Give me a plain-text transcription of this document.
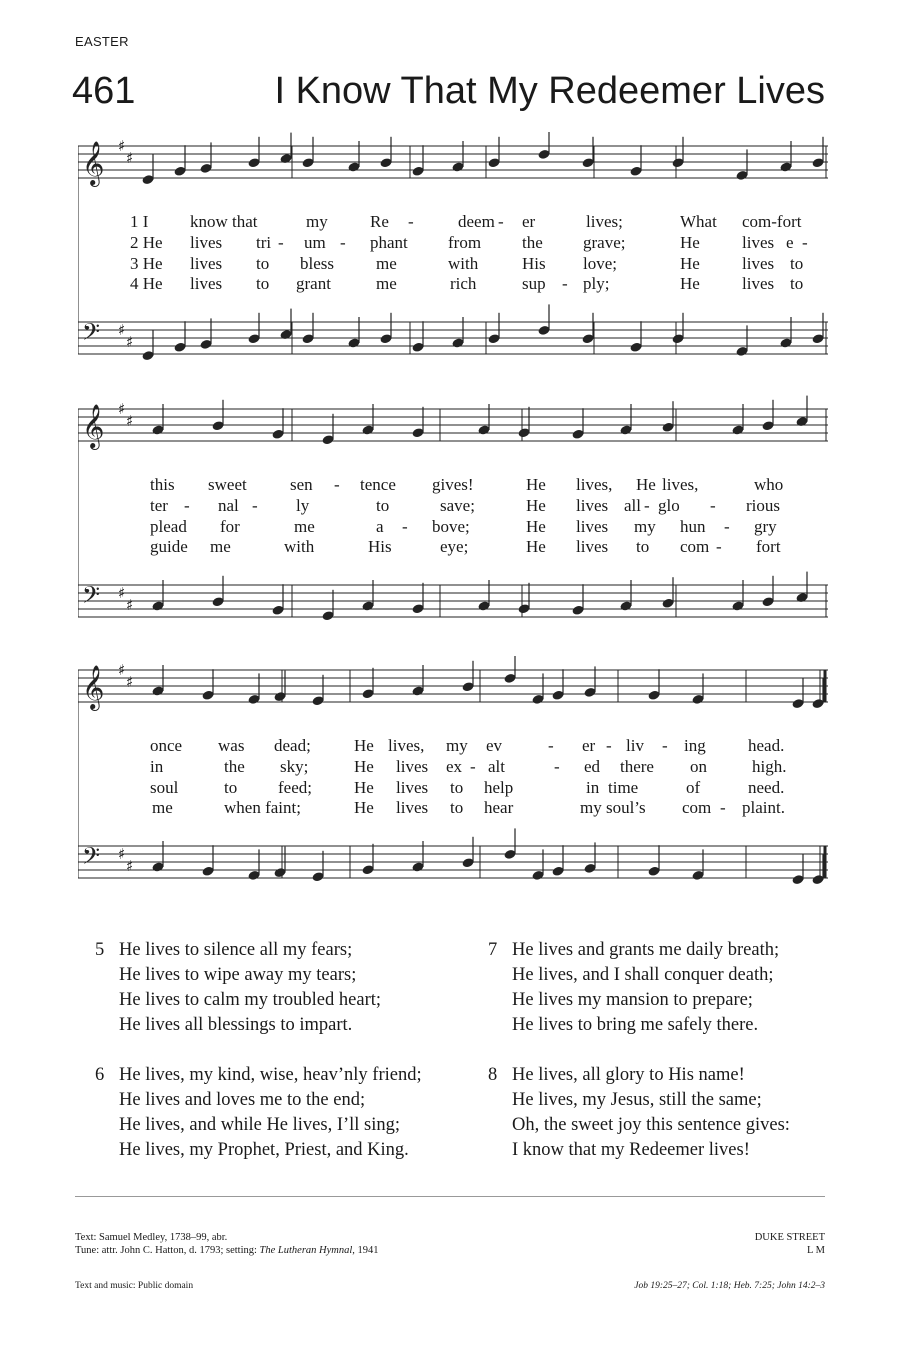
EASTER
461	I Know That My Redeemer Lives
𝄞 ♯
♯
𝄢 ♯
♯
1 I know that	my Re -	deem - er	lives;	What com-fort
2 He lives tri - um - phant from the grave;	He lives e -
3 He lives to bless me	with	His love;	He lives to
4 He lives to grant	me	rich	sup - ply;	He lives to
𝄞 ♯
♯
𝄢 ♯
♯
this sweet	sen - tence gives!	He lives, He lives,	who
ter - nal - ly	to	save;	He lives all - glo - rious
plead for	me	a - bove;	He lives my hun - gry
guide me	with	His	eye;	He lives to com - fort
𝄞 ♯
♯
𝄢 ♯
♯
once was dead;	He lives, my ev	- er - liv - ing head.
in	the sky;	He lives ex - alt	- ed there on	high.
soul	to feed; He lives to help	in time	of	need.
me	when faint;	He lives to hear	my soul’s com - plaint.
5 He lives to silence all my fears;
He lives to wipe away my tears;
He lives to calm my troubled heart;
He lives all blessings to impart.
7 He lives and grants me daily breath;
He lives, and I shall conquer death;
He lives my mansion to prepare;
He lives to bring me safely there.
6 He lives, my kind, wise, heav’nly friend;
He lives and loves me to the end;
He lives, and while He lives, I’ll sing;
He lives, my Prophet, Priest, and King.
8 He lives, all glory to His name!
He lives, my Jesus, still the same;
Oh, the sweet joy this sentence gives:
I know that my Redeemer lives!
Text: Samuel Medley, 1738–99, abr.
Tune: attr. John C. Hatton, d. 1793; setting: The Lutheran Hymnal, 1941
DUKE STREET
L M
Text and music: Public domain	Job 19:25–27; Col. 1:18; Heb. 7:25; John 14:2–3
